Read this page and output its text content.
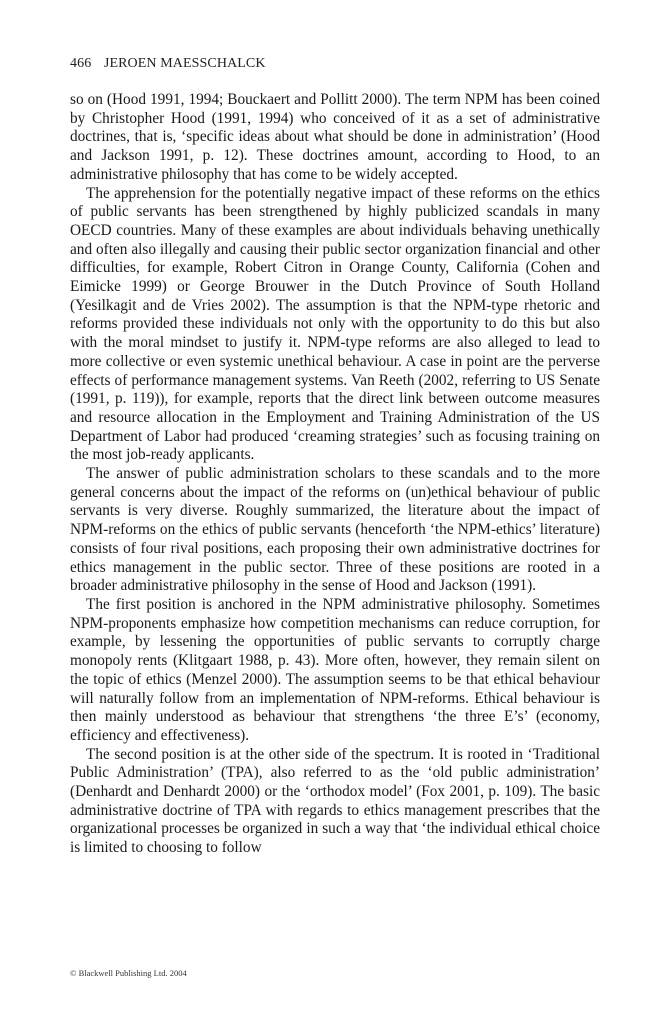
466 JEROEN MAESSCHALCK

so on (Hood 1991, 1994; Bouckaert and Pollitt 2000). The term NPM has been coined by Christopher Hood (1991, 1994) who conceived of it as a set of administrative doctrines, that is, ‘specific ideas about what should be done in administration’ (Hood and Jackson 1991, p. 12). These doctrines amount, according to Hood, to an administrative philosophy that has come to be widely accepted.

The apprehension for the potentially negative impact of these reforms on the ethics of public servants has been strengthened by highly publicized scandals in many OECD countries. Many of these examples are about individuals behaving unethically and often also illegally and causing their public sector organization financial and other difficulties, for example, Robert Citron in Orange County, California (Cohen and Eimicke 1999) or George Brouwer in the Dutch Province of South Holland (Yesilkagit and de Vries 2002). The assumption is that the NPM-type rhetoric and reforms provided these individuals not only with the opportunity to do this but also with the moral mindset to justify it. NPM-type reforms are also alleged to lead to more collective or even systemic unethical behaviour. A case in point are the perverse effects of performance management systems. Van Reeth (2002, referring to US Senate (1991, p. 119)), for example, reports that the direct link between outcome measures and resource allocation in the Employment and Training Administration of the US Department of Labor had produced ‘creaming strategies’ such as focusing training on the most job-ready applicants.

The answer of public administration scholars to these scandals and to the more general concerns about the impact of the reforms on (un)ethical behaviour of public servants is very diverse. Roughly summarized, the literature about the impact of NPM-reforms on the ethics of public servants (henceforth ‘the NPM-ethics’ literature) consists of four rival positions, each proposing their own administrative doctrines for ethics management in the public sector. Three of these positions are rooted in a broader administrative philosophy in the sense of Hood and Jackson (1991).

The first position is anchored in the NPM administrative philosophy. Sometimes NPM-proponents emphasize how competition mechanisms can reduce corruption, for example, by lessening the opportunities of public servants to corruptly charge monopoly rents (Klitgaart 1988, p. 43). More often, however, they remain silent on the topic of ethics (Menzel 2000). The assumption seems to be that ethical behaviour will naturally follow from an implementation of NPM-reforms. Ethical behaviour is then mainly understood as behaviour that strengthens ‘the three E’s’ (economy, efficiency and effectiveness).

The second position is at the other side of the spectrum. It is rooted in ‘Traditional Public Administration’ (TPA), also referred to as the ‘old public administration’ (Denhardt and Denhardt 2000) or the ‘orthodox model’ (Fox 2001, p. 109). The basic administrative doctrine of TPA with regards to ethics management prescribes that the organizational processes be organized in such a way that ‘the individual ethical choice is limited to choosing to follow

© Blackwell Publishing Ltd. 2004
